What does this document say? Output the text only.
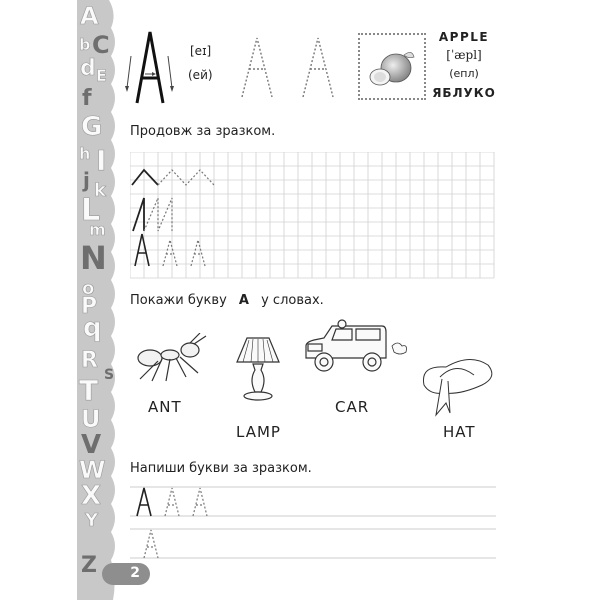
A
b C
d E
f
G
h I
j k
L
m
N
o
P
q
R
S
T
U
V
W
X
Y
Z 2
[eɪ]
(ей)
APPLE
[ˈæpl]
(епл)
ЯБЛУКО
Продовж за зразком.
Покажи букву A у словах.
ANT
LAMP
CAR
HAT
Напиши букви за зразком.
